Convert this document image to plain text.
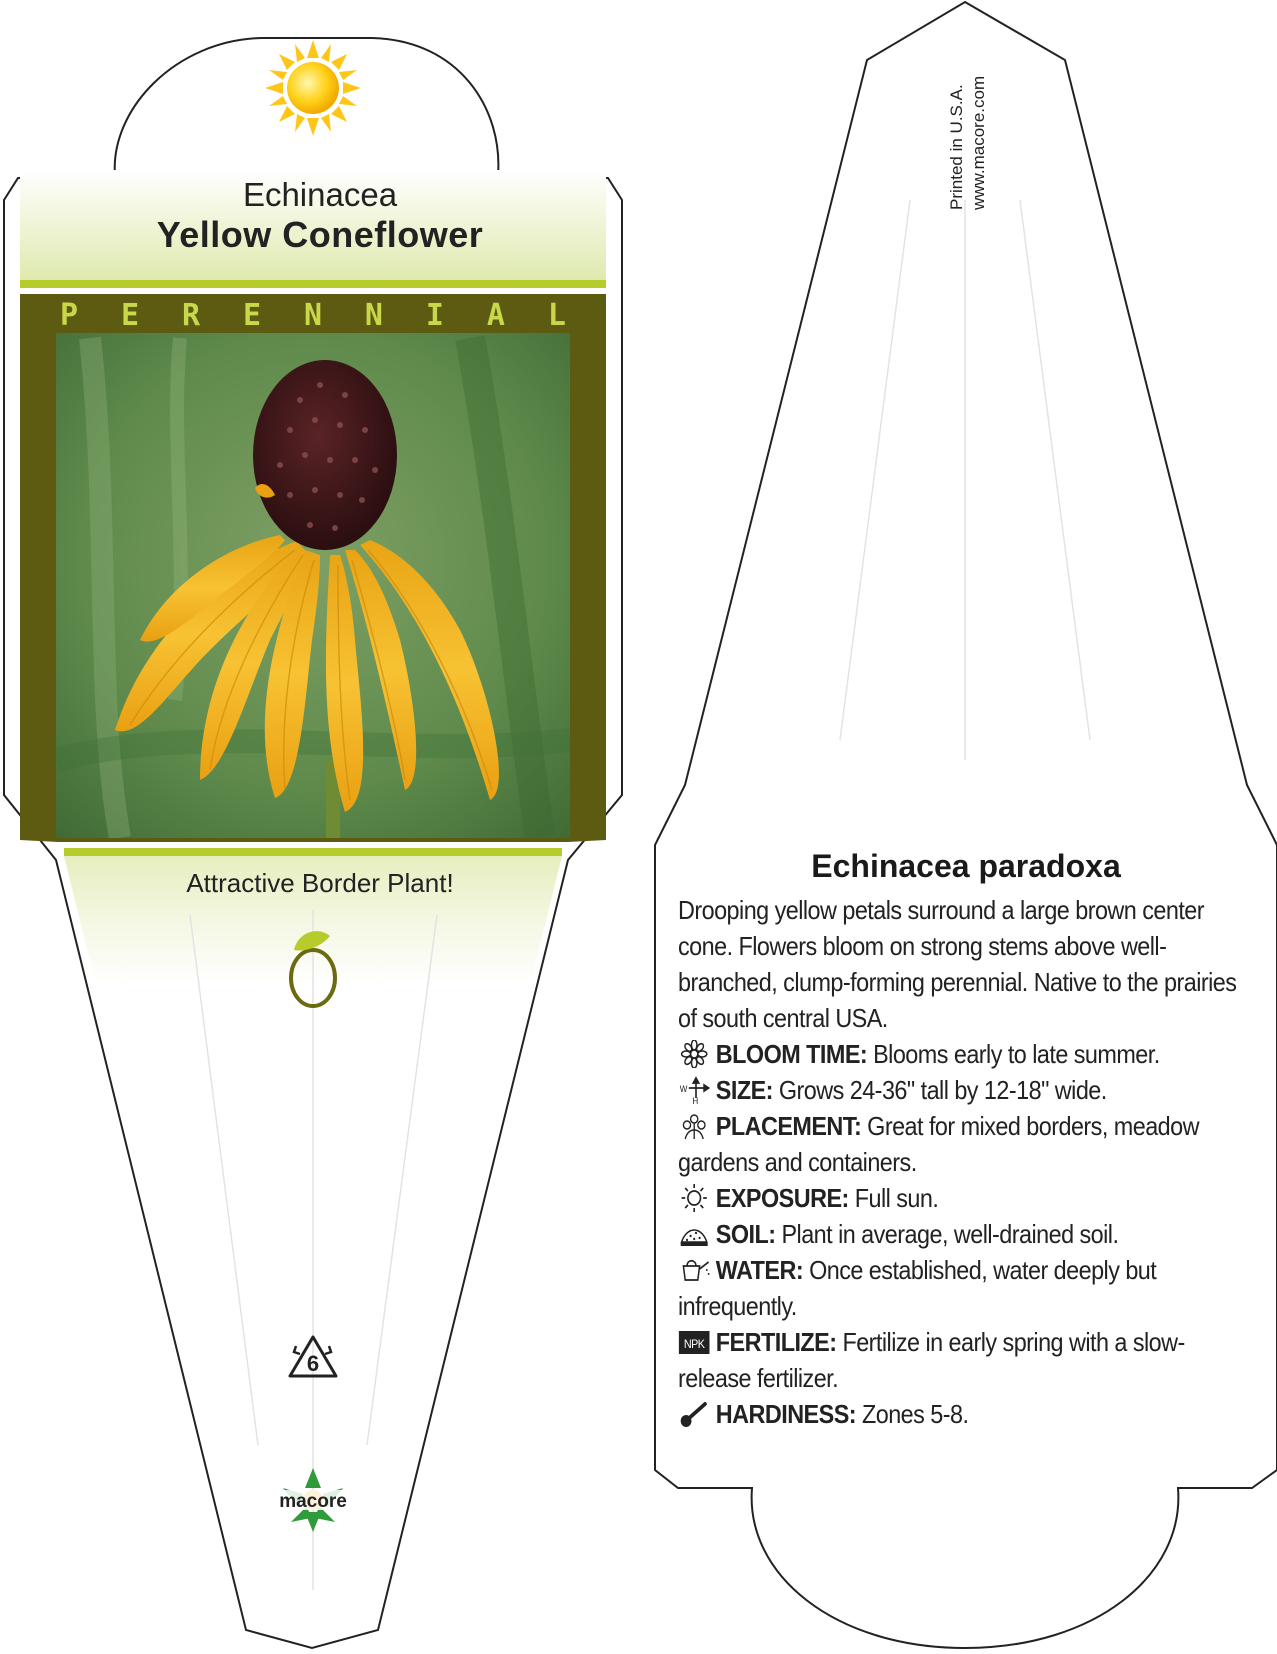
6
macore
Printed in U.S.A. www.macore.com
Echinacea
Yellow Coneflower
P E R E N N I A L
Attractive Border Plant!	Echinacea paradoxa

Drooping yellow petals surround a large brown center cone. Flowers bloom on strong stems above well-branched, clump-forming perennial. Native to the prairies of south central USA.

BLOOM TIME: Blooms early to late summer.

W
H SIZE: Grows 24-36" tall by 12-18" wide.

PLACEMENT: Great for mixed borders, meadow gardens and containers.

EXPOSURE: Full sun.

SOIL: Plant in average, well-drained soil.

WATER: Once established, water deeply but infrequently.

NPK FERTILIZE: Fertilize in early spring with a slow-release fertilizer.

HARDINESS: Zones 5-8.
